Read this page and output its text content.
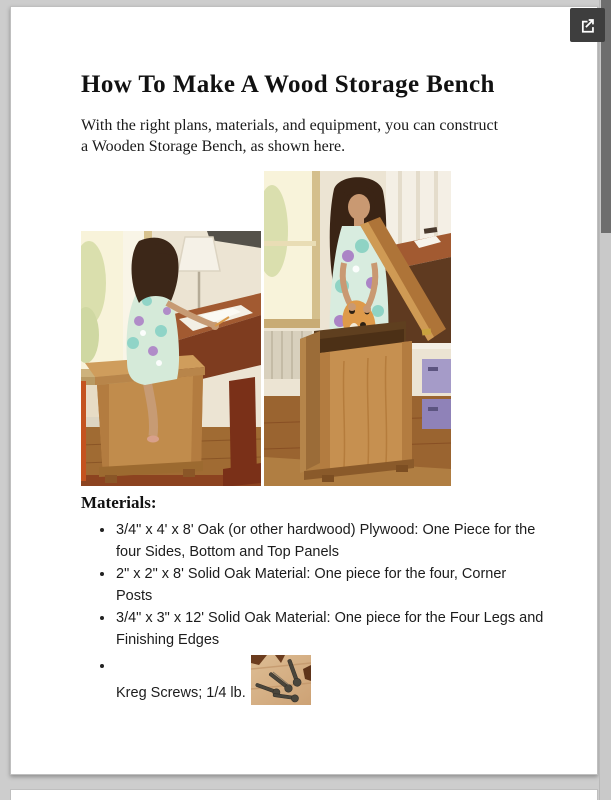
How To Make A Wood Storage Bench

With the right plans, materials, and equipment, you can construct a Wooden Storage Bench, as shown here.

Materials:
3/4" x 4' x 8' Oak (or other hardwood) Plywood: One Piece for the four Sides, Bottom and Top Panels
2" x 2" x 8' Solid Oak Material: One piece for the four, Corner Posts
3/4" x 3" x 12' Solid Oak Material: One piece for the Four Legs and Finishing Edges
Kreg Screws; 1/4 lb.
